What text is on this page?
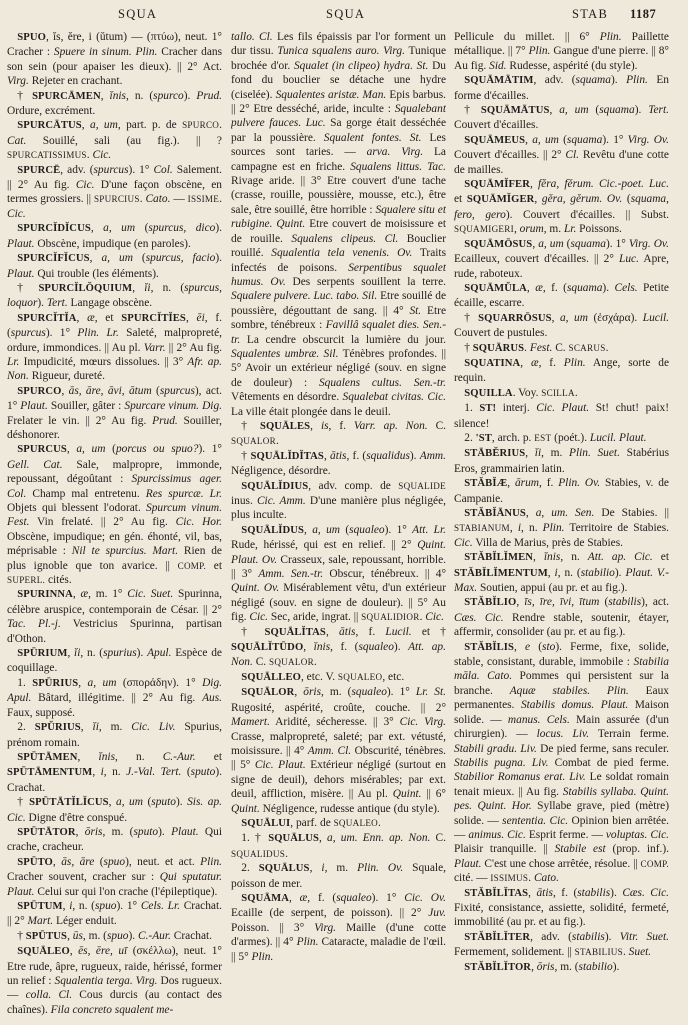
SQUA	SQUA	STAB 1187

SPUO, ĭs, ĕre, i (ŭtum) — (πτύω), neut. 1° Cracher : Spuere in sinum. Plin. Cracher dans son sein (pour apaiser les dieux). || 2° Act. Virg. Rejeter en crachant.

† SPURCĀMEN, ĭnis, n. (spurco). Prud. Ordure, excrément.

SPURCĀTUS, a, um, part. p. de SPURCO. Cat. Souillé, sali (au fig.). || ? SPURCATISSIMUS. Cic.

SPURCĒ, adv. (spurcus). 1° Col. Salement. || 2° Au fig. Cic. D'une façon obscène, en termes grossiers. || SPURCIUS. Cato. — ISSIME. Cic.

SPURCĬDĬCUS, a, um (spurcus, dico). Plaut. Obscène, impudique (en paroles).

SPURCĬFĬCUS, a, um (spurcus, facio). Plaut. Qui trouble (les éléments).

† SPURCĬLŎQUIUM, ĭi, n. (spurcus, loquor). Tert. Langage obscène.

SPURCĬTĬA, æ, et SPURCĬTĬES, ēi, f. (spurcus). 1° Plin. Lr. Saleté, malpropreté, ordure, immondices. || Au pl. Varr. || 2° Au fig. Lr. Impudicité, mœurs dissolues. || 3° Afr. ap. Non. Rigueur, dureté.

SPURCO, ās, āre, āvi, ātum (spurcus), act. 1° Plaut. Souiller, gâter : Spurcare vinum. Dig. Frelater le vin. || 2° Au fig. Prud. Souiller, déshonorer.

SPURCUS, a, um (porcus ou spuo?). 1° Gell. Cat. Sale, malpropre, immonde, repoussant, dégoûtant : Spurcissimus ager. Col. Champ mal entretenu. Res spurcæ. Lr. Objets qui blessent l'odorat. Spurcum vinum. Fest. Vin frelaté. || 2° Au fig. Cic. Hor. Obscène, impudique; en gén. éhonté, vil, bas, méprisable : Nil te spurcius. Mart. Rien de plus ignoble que ton avarice. || COMP. et SUPERL. cités.

SPURINNA, æ, m. 1° Cic. Suet. Spurinna, célèbre aruspice, contemporain de César. || 2° Tac. Pl.-j. Vestricius Spurinna, partisan d'Othon.

SPŪRIUM, ĭi, n. (spurius). Apul. Espèce de coquillage.

1. SPŪRIUS, a, um (σποράδην). 1° Dig. Apul. Bâtard, illégitime. || 2° Au fig. Aus. Faux, supposé.

2. SPŬRIUS, ĭi, m. Cic. Liv. Spurius, prénom romain.

SPŪTĀMEN, ĭnis, n. C.-Aur. et SPŪTĀMENTUM, i, n. J.-Val. Tert. (sputo). Crachat.

† SPŪTĀTĬLĬCUS, a, um (sputo). Sis. ap. Cic. Digne d'être conspué.

SPŪTĀTOR, ōris, m. (sputo). Plaut. Qui crache, cracheur.

SPŪTO, ās, āre (spuo), neut. et act. Plin. Cracher souvent, cracher sur : Qui sputatur. Plaut. Celui sur qui l'on crache (l'épileptique).

SPŪTUM, i, n. (spuo). 1° Cels. Lr. Crachat. || 2° Mart. Léger enduit.

† SPŪTUS, ūs, m. (spuo). C.-Aur. Crachat.

SQUĀLEO, ēs, ēre, uī (σκέλλω), neut. 1° Etre rude, âpre, rugueux, raide, hérissé, former un relief : Squalentia terga. Virg. Dos rugueux. — colla. Cl. Cous durcis (au contact des chaînes). Fila concreto squalent me-

tallo. Cl. Les fils épaissis par l'or forment un dur tissu. Tunica squalens auro. Virg. Tunique brochée d'or. Squalet (in clipeo) hydra. St. Du fond du bouclier se détache une hydre (ciselée). Squalentes aristæ. Man. Epis barbus. || 2° Etre desséché, aride, inculte : Squalebant pulvere fauces. Luc. Sa gorge était desséchée par la poussière. Squalent fontes. St. Les sources sont taries. — arva. Virg. La campagne est en friche. Squalens littus. Tac. Rivage aride. || 3° Etre couvert d'une tache (crasse, rouille, poussière, mousse, etc.), être sale, être souillé, être horrible : Squalere situ et rubigine. Quint. Etre couvert de moisissure et de rouille. Squalens clipeus. Cl. Bouclier rouillé. Squalentia tela venenis. Ov. Traits infectés de poisons. Serpentibus squalet humus. Ov. Des serpents souillent la terre. Squalere pulvere. Luc. tabo. Sil. Etre souillé de poussière, dégouttant de sang. || 4° St. Etre sombre, ténébreux : Favillâ squalet dies. Sen.-tr. La cendre obscurcit la lumière du jour. Squalentes umbræ. Sil. Ténèbres profondes. || 5° Avoir un extérieur négligé (souv. en signe de douleur) : Squalens cultus. Sen.-tr. Vêtements en désordre. Squalebat civitas. Cic. La ville était plongée dans le deuil.

† SQUĀLES, is, f. Varr. ap. Non. C. SQUALOR.

† SQUĀLĬDĬTAS, ātis, f. (squalidus). Amm. Négligence, désordre.

SQUĀLĬDIUS, adv. comp. de SQUALIDE inus. Cic. Amm. D'une manière plus négligée, plus inculte.

SQUĀLĬDUS, a, um (squaleo). 1° Att. Lr. Rude, hérissé, qui est en relief. || 2° Quint. Plaut. Ov. Crasseux, sale, repoussant, horrible. || 3° Amm. Sen.-tr. Obscur, ténébreux. || 4° Quint. Ov. Misérablement vêtu, d'un extérieur négligé (souv. en signe de douleur). || 5° Au fig. Cic. Sec, aride, ingrat. || SQUALIDIOR. Cic.

† SQUĀLĬTAS, ātis, f. Lucil. et † SQUĀLĬTŪDO, ĭnis, f. (squaleo). Att. ap. Non. C. SQUALOR.

SQUĀLLEO, etc. V. SQUALEO, etc.

SQUĀLOR, ōris, m. (squaleo). 1° Lr. St. Rugosité, aspérité, croûte, couche. || 2° Mamert. Aridité, sécheresse. || 3° Cic. Virg. Crasse, malpropreté, saleté; par ext. vétusté, moisissure. || 4° Amm. Cl. Obscurité, ténèbres. || 5° Cic. Plaut. Extérieur négligé (surtout en signe de deuil), dehors misérables; par ext. deuil, affliction, misère. || Au pl. Quint. || 6° Quint. Négligence, rudesse antique (du style).

SQUĀLUI, parf. de SQUALEO.

1. † SQUĀLUS, a, um. Enn. ap. Non. C. SQUALIDUS.

2. SQUĀLUS, i, m. Plin. Ov. Squale, poisson de mer.

SQUĀMA, æ, f. (squaleo). 1° Cic. Ov. Ecaille (de serpent, de poisson). || 2° Juv. Poisson. || 3° Virg. Maille (d'une cotte d'armes). || 4° Plin. Cataracte, maladie de l'œil. || 5° Plin.

Pellicule du millet. || 6° Plin. Paillette métallique. || 7° Plin. Gangue d'une pierre. || 8° Au fig. Sid. Rudesse, aspérité (du style).

SQUĀMĀTIM, adv. (squama). Plin. En forme d'écailles.

† SQUĀMĀTUS, a, um (squama). Tert. Couvert d'écailles.

SQUĀMEUS, a, um (squama). 1° Virg. Ov. Couvert d'écailles. || 2° Cl. Revêtu d'une cotte de mailles.

SQUĀMĬFER, fĕra, fĕrum. Cic.-poet. Luc. et SQUĀMĬGER, gĕra, gĕrum. Ov. (squama, fero, gero). Couvert d'écailles. || Subst. SQUAMIGERI, orum, m. Lr. Poissons.

SQUĀMŌSUS, a, um (squama). 1° Virg. Ov. Ecailleux, couvert d'écailles. || 2° Luc. Apre, rude, raboteux.

SQUĀMŬLA, æ, f. (squama). Cels. Petite écaille, escarre.

† SQUARRŌSUS, a, um (ἐσχάρα). Lucil. Couvert de pustules.

† SQUĀRUS. Fest. C. SCARUS.

SQUATINA, æ, f. Plin. Ange, sorte de requin.

SQUILLA. Voy. SCILLA.

1. ST! interj. Cic. Plaut. St! chut! paix! silence!

2. 'ST, arch. p. EST (poét.). Lucil. Plaut.

STĀBĔRIUS, ĭi, m. Plin. Suet. Stabérius Eros, grammairien latin.

STĂBĬÆ, ārum, f. Plin. Ov. Stabies, v. de Campanie.

STĂBĬĀNUS, a, um. Sen. De Stabies. || STABIANUM, i, n. Plin. Territoire de Stabies. Cic. Villa de Marius, près de Stabies.

STĂBĬLĬMEN, ĭnis, n. Att. ap. Cic. et STĂBĬLĬMENTUM, i, n. (stabilio). Plaut. V.-Max. Soutien, appui (au pr. et au fig.).

STĂBĬLIO, īs, īre, īvi, ītum (stabilis), act. Cæs. Cic. Rendre stable, soutenir, étayer, affermir, consolider (au pr. et au fig.).

STĂBĬLIS, e (sto). Ferme, fixe, solide, stable, consistant, durable, immobile : Stabilia māla. Cato. Pommes qui persistent sur la branche. Aquæ stabiles. Plin. Eaux permanentes. Stabilis domus. Plaut. Maison solide. — manus. Cels. Main assurée (d'un chirurgien). — locus. Liv. Terrain ferme. Stabili gradu. Liv. De pied ferme, sans reculer. Stabilis pugna. Liv. Combat de pied ferme. Stabilior Romanus erat. Liv. Le soldat romain tenait mieux. || Au fig. Stabilis syllaba. Quint. pes. Quint. Hor. Syllabe grave, pied (mètre) solide. — sententia. Cic. Opinion bien arrêtée. — animus. Cic. Esprit ferme. — voluptas. Cic. Plaisir tranquille. || Stabile est (prop. inf.). Plaut. C'est une chose arrêtée, résolue. || COMP. cité. — ISSIMUS. Cato.

STĂBĬLĬTAS, ātis, f. (stabilis). Cæs. Cic. Fixité, consistance, assiette, solidité, fermeté, immobilité (au pr. et au fig.).

STĂBĬLĬTER, adv. (stabilis). Vitr. Suet. Fermement, solidement. || STABILIUS. Suet.

STĂBĬLĬTOR, ōris, m. (stabilio).
